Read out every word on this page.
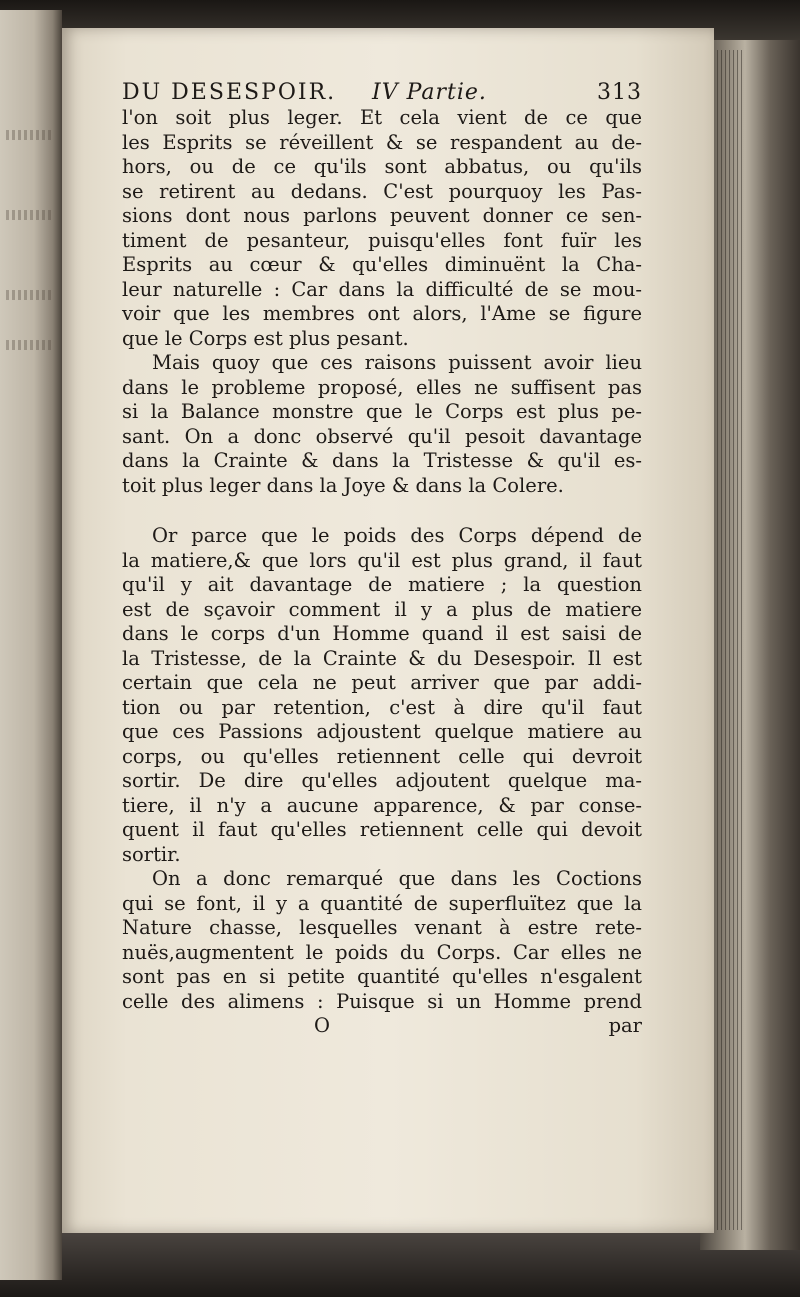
DU DESESPOIR. IV Partie.	313
l'on soit plus leger. Et cela vient de ce que
les Esprits se réveillent & se respandent au de-
hors, ou de ce qu'ils sont abbatus, ou qu'ils
se retirent au dedans. C'est pourquoy les Pas-
sions dont nous parlons peuvent donner ce sen-
timent de pesanteur, puisqu'elles font fuïr les
Esprits au cœur & qu'elles diminuënt la Cha-
leur naturelle : Car dans la difficulté de se mou-
voir que les membres ont alors, l'Ame se figure
que le Corps est plus pesant.
Mais quoy que ces raisons puissent avoir lieu
dans le probleme proposé, elles ne suffisent pas
si la Balance monstre que le Corps est plus pe-
sant. On a donc observé qu'il pesoit davantage
dans la Crainte & dans la Tristesse & qu'il es-
toit plus leger dans la Joye & dans la Colere.
Or parce que le poids des Corps dépend de
la matiere,& que lors qu'il est plus grand, il faut
qu'il y ait davantage de matiere ; la question
est de sçavoir comment il y a plus de matiere
dans le corps d'un Homme quand il est saisi de
la Tristesse, de la Crainte & du Desespoir. Il est
certain que cela ne peut arriver que par addi-
tion ou par retention, c'est à dire qu'il faut
que ces Passions adjoustent quelque matiere au
corps, ou qu'elles retiennent celle qui devroit
sortir. De dire qu'elles adjoutent quelque ma-
tiere, il n'y a aucune apparence, & par conse-
quent il faut qu'elles retiennent celle qui devoit
sortir.
On a donc remarqué que dans les Coctions
qui se font, il y a quantité de superfluïtez que la
Nature chasse, lesquelles venant à estre rete-
nuës,augmentent le poids du Corps. Car elles ne
sont pas en si petite quantité qu'elles n'esgalent
celle des alimens : Puisque si un Homme prend
O	par
